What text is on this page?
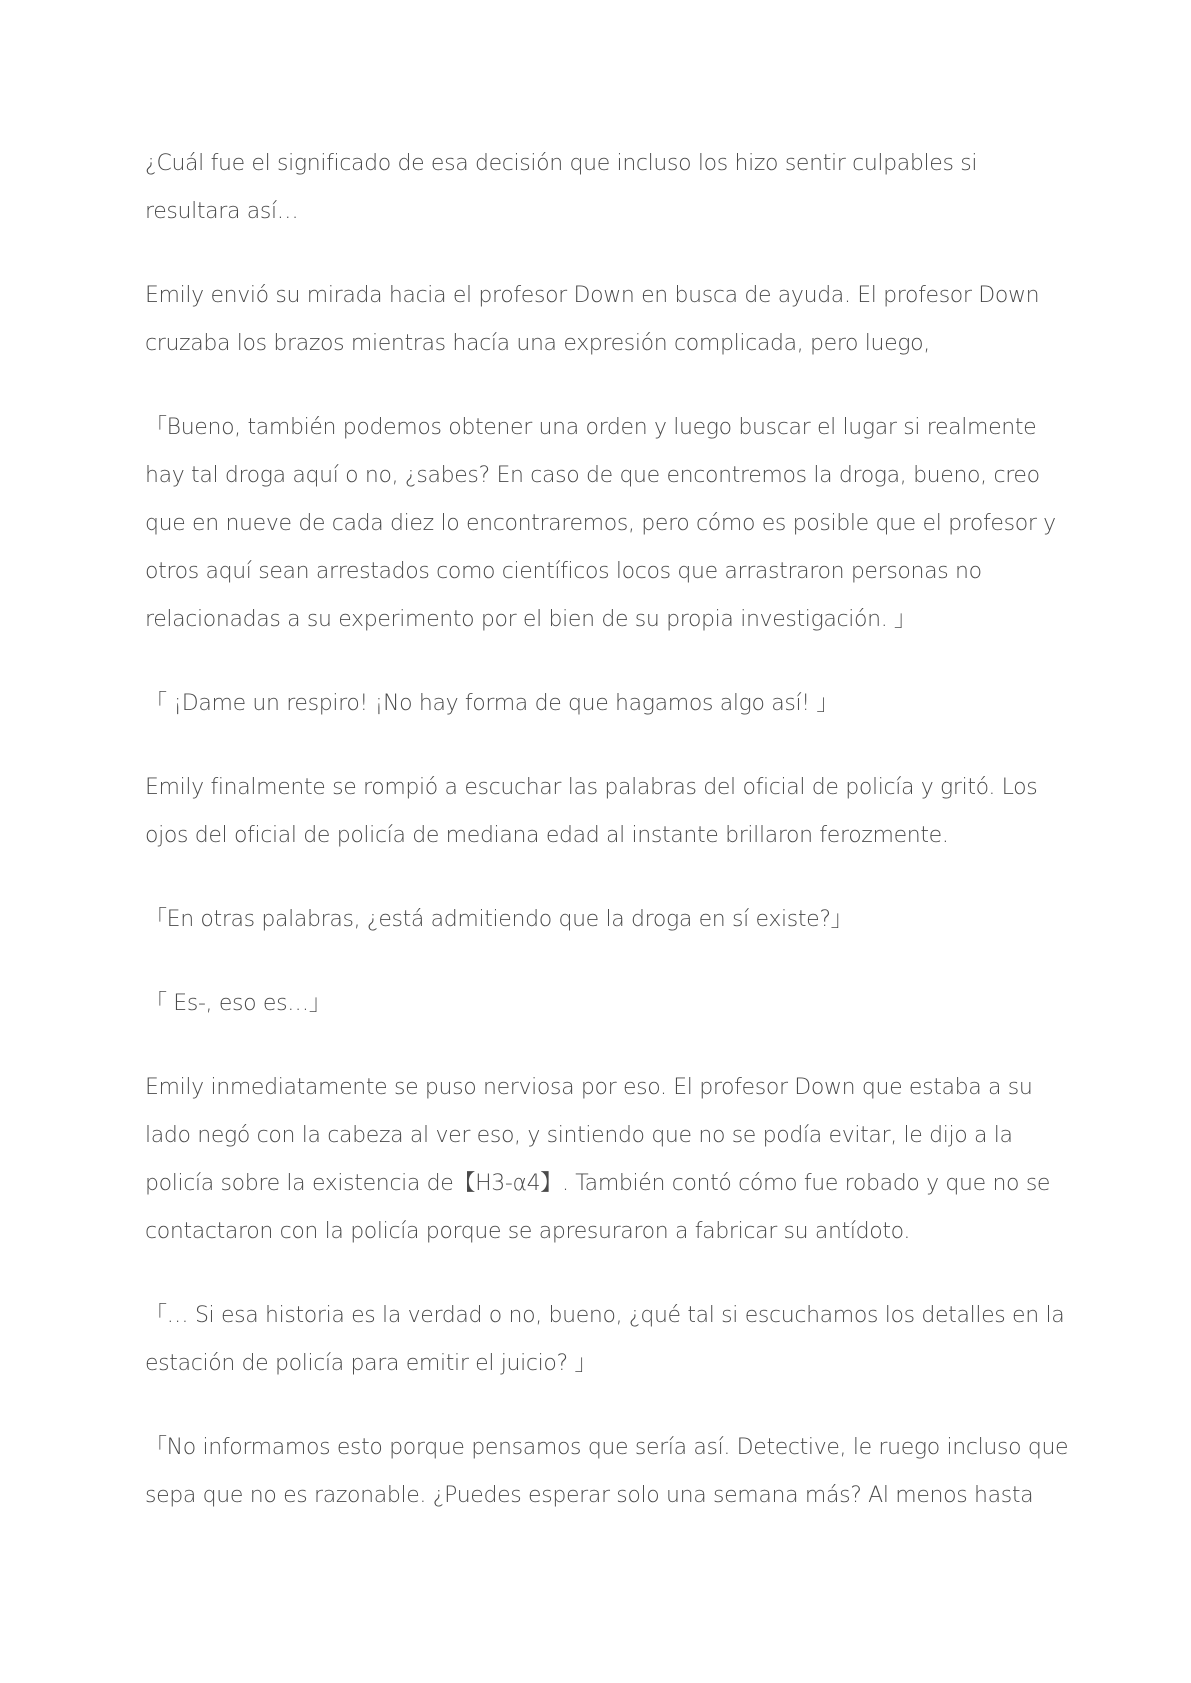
¿Cuál fue el significado de esa decisión que incluso los hizo sentir culpables si
resultara así…

Emily envió su mirada hacia el profesor Down en busca de ayuda. El profesor Down
cruzaba los brazos mientras hacía una expresión complicada, pero luego,

「Bueno, también podemos obtener una orden y luego buscar el lugar si realmente
hay tal droga aquí o no, ¿sabes? En caso de que encontremos la droga, bueno, creo
que en nueve de cada diez lo encontraremos, pero cómo es posible que el profesor y
otros aquí sean arrestados como científicos locos que arrastraron personas no
relacionadas a su experimento por el bien de su propia investigación. 」

「 ¡Dame un respiro! ¡No hay forma de que hagamos algo así! 」

Emily finalmente se rompió a escuchar las palabras del oficial de policía y gritó. Los
ojos del oficial de policía de mediana edad al instante brillaron ferozmente.

「En otras palabras, ¿está admitiendo que la droga en sí existe?」

「 Es-, eso es…」

Emily inmediatamente se puso nerviosa por eso. El profesor Down que estaba a su
lado negó con la cabeza al ver eso, y sintiendo que no se podía evitar, le dijo a la
policía sobre la existencia de【H3-α4】. También contó cómo fue robado y que no se
contactaron con la policía porque se apresuraron a fabricar su antídoto.

「… Si esa historia es la verdad o no, bueno, ¿qué tal si escuchamos los detalles en la
estación de policía para emitir el juicio? 」

「No informamos esto porque pensamos que sería así. Detective, le ruego incluso que
sepa que no es razonable. ¿Puedes esperar solo una semana más? Al menos hasta
